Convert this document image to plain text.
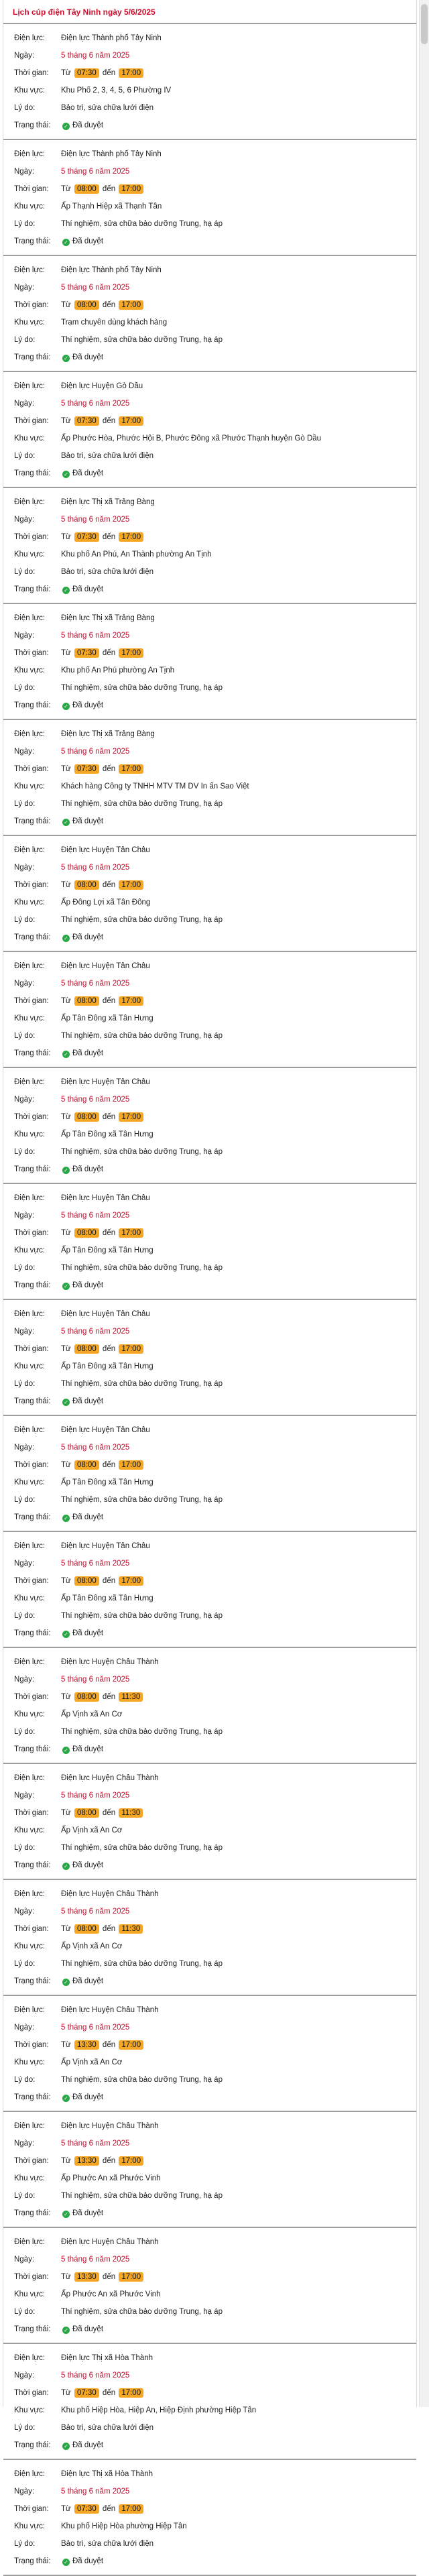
Lịch cúp điện Tây Ninh ngày 5/6/2025
Điện lực:	Điện lực Thành phố Tây Ninh
Ngày:	5 tháng 6 năm 2025
Thời gian:	Từ 07:30 đến 17:00
Khu vực:	Khu Phố 2, 3, 4, 5, 6 Phường IV
Lý do:	Bảo trì, sửa chữa lưới điện
Trạng thái:	✓ Đã duyệt
Điện lực:	Điện lực Thành phố Tây Ninh
Ngày:	5 tháng 6 năm 2025
Thời gian:	Từ 08:00 đến 17:00
Khu vực:	Ấp Thạnh Hiệp xã Thạnh Tân
Lý do:	Thí nghiệm, sửa chữa bảo dưỡng Trung, hạ áp
Trạng thái:	✓ Đã duyệt
Điện lực:	Điện lực Thành phố Tây Ninh
Ngày:	5 tháng 6 năm 2025
Thời gian:	Từ 08:00 đến 17:00
Khu vực:	Trạm chuyên dùng khách hàng
Lý do:	Thí nghiệm, sửa chữa bảo dưỡng Trung, hạ áp
Trạng thái:	✓ Đã duyệt
Điện lực:	Điện lực Huyện Gò Dầu
Ngày:	5 tháng 6 năm 2025
Thời gian:	Từ 07:30 đến 17:00
Khu vực:	Ấp Phước Hòa, Phước Hội B, Phước Đông xã Phước Thạnh huyện Gò Dầu
Lý do:	Bảo trì, sửa chữa lưới điện
Trạng thái:	✓ Đã duyệt
Điện lực:	Điện lực Thị xã Trảng Bàng
Ngày:	5 tháng 6 năm 2025
Thời gian:	Từ 07:30 đến 17:00
Khu vực:	Khu phố An Phú, An Thành phường An Tịnh
Lý do:	Bảo trì, sửa chữa lưới điện
Trạng thái:	✓ Đã duyệt
Điện lực:	Điện lực Thị xã Trảng Bàng
Ngày:	5 tháng 6 năm 2025
Thời gian:	Từ 07:30 đến 17:00
Khu vực:	Khu phố An Phú phường An Tịnh
Lý do:	Thí nghiệm, sửa chữa bảo dưỡng Trung, hạ áp
Trạng thái:	✓ Đã duyệt
Điện lực:	Điện lực Thị xã Trảng Bàng
Ngày:	5 tháng 6 năm 2025
Thời gian:	Từ 07:30 đến 17:00
Khu vực:	Khách hàng Công ty TNHH MTV TM DV In ấn Sao Việt
Lý do:	Thí nghiệm, sửa chữa bảo dưỡng Trung, hạ áp
Trạng thái:	✓ Đã duyệt
Điện lực:	Điện lực Huyện Tân Châu
Ngày:	5 tháng 6 năm 2025
Thời gian:	Từ 08:00 đến 17:00
Khu vực:	Ấp Đông Lợi xã Tân Đông
Lý do:	Thí nghiệm, sửa chữa bảo dưỡng Trung, hạ áp
Trạng thái:	✓ Đã duyệt
Điện lực:	Điện lực Huyện Tân Châu
Ngày:	5 tháng 6 năm 2025
Thời gian:	Từ 08:00 đến 17:00
Khu vực:	Ấp Tân Đông xã Tân Hưng
Lý do:	Thí nghiệm, sửa chữa bảo dưỡng Trung, hạ áp
Trạng thái:	✓ Đã duyệt
Điện lực:	Điện lực Huyện Tân Châu
Ngày:	5 tháng 6 năm 2025
Thời gian:	Từ 08:00 đến 17:00
Khu vực:	Ấp Tân Đông xã Tân Hưng
Lý do:	Thí nghiệm, sửa chữa bảo dưỡng Trung, hạ áp
Trạng thái:	✓ Đã duyệt
Điện lực:	Điện lực Huyện Tân Châu
Ngày:	5 tháng 6 năm 2025
Thời gian:	Từ 08:00 đến 17:00
Khu vực:	Ấp Tân Đông xã Tân Hưng
Lý do:	Thí nghiệm, sửa chữa bảo dưỡng Trung, hạ áp
Trạng thái:	✓ Đã duyệt
Điện lực:	Điện lực Huyện Tân Châu
Ngày:	5 tháng 6 năm 2025
Thời gian:	Từ 08:00 đến 17:00
Khu vực:	Ấp Tân Đông xã Tân Hưng
Lý do:	Thí nghiệm, sửa chữa bảo dưỡng Trung, hạ áp
Trạng thái:	✓ Đã duyệt
Điện lực:	Điện lực Huyện Tân Châu
Ngày:	5 tháng 6 năm 2025
Thời gian:	Từ 08:00 đến 17:00
Khu vực:	Ấp Tân Đông xã Tân Hưng
Lý do:	Thí nghiệm, sửa chữa bảo dưỡng Trung, hạ áp
Trạng thái:	✓ Đã duyệt
Điện lực:	Điện lực Huyện Tân Châu
Ngày:	5 tháng 6 năm 2025
Thời gian:	Từ 08:00 đến 17:00
Khu vực:	Ấp Tân Đông xã Tân Hưng
Lý do:	Thí nghiệm, sửa chữa bảo dưỡng Trung, hạ áp
Trạng thái:	✓ Đã duyệt
Điện lực:	Điện lực Huyện Châu Thành
Ngày:	5 tháng 6 năm 2025
Thời gian:	Từ 08:00 đến 11:30
Khu vực:	Ấp Vịnh xã An Cơ
Lý do:	Thí nghiệm, sửa chữa bảo dưỡng Trung, hạ áp
Trạng thái:	✓ Đã duyệt
Điện lực:	Điện lực Huyện Châu Thành
Ngày:	5 tháng 6 năm 2025
Thời gian:	Từ 08:00 đến 11:30
Khu vực:	Ấp Vịnh xã An Cơ
Lý do:	Thí nghiệm, sửa chữa bảo dưỡng Trung, hạ áp
Trạng thái:	✓ Đã duyệt
Điện lực:	Điện lực Huyện Châu Thành
Ngày:	5 tháng 6 năm 2025
Thời gian:	Từ 08:00 đến 11:30
Khu vực:	Ấp Vịnh xã An Cơ
Lý do:	Thí nghiệm, sửa chữa bảo dưỡng Trung, hạ áp
Trạng thái:	✓ Đã duyệt
Điện lực:	Điện lực Huyện Châu Thành
Ngày:	5 tháng 6 năm 2025
Thời gian:	Từ 13:30 đến 17:00
Khu vực:	Ấp Vịnh xã An Cơ
Lý do:	Thí nghiệm, sửa chữa bảo dưỡng Trung, hạ áp
Trạng thái:	✓ Đã duyệt
Điện lực:	Điện lực Huyện Châu Thành
Ngày:	5 tháng 6 năm 2025
Thời gian:	Từ 13:30 đến 17:00
Khu vực:	Ấp Phước An xã Phước Vinh
Lý do:	Thí nghiệm, sửa chữa bảo dưỡng Trung, hạ áp
Trạng thái:	✓ Đã duyệt
Điện lực:	Điện lực Huyện Châu Thành
Ngày:	5 tháng 6 năm 2025
Thời gian:	Từ 13:30 đến 17:00
Khu vực:	Ấp Phước An xã Phước Vinh
Lý do:	Thí nghiệm, sửa chữa bảo dưỡng Trung, hạ áp
Trạng thái:	✓ Đã duyệt
Điện lực:	Điện lực Thị xã Hòa Thành
Ngày:	5 tháng 6 năm 2025
Thời gian:	Từ 07:30 đến 17:00
Khu vực:	Khu phố Hiệp Hòa, Hiệp An, Hiệp Định phường Hiệp Tân
Lý do:	Bảo trì, sửa chữa lưới điện
Trạng thái:	✓ Đã duyệt
Điện lực:	Điện lực Thị xã Hòa Thành
Ngày:	5 tháng 6 năm 2025
Thời gian:	Từ 07:30 đến 17:00
Khu vực:	Khu phố Hiệp Hòa phường Hiệp Tân
Lý do:	Bảo trì, sửa chữa lưới điện
Trạng thái:	✓ Đã duyệt
